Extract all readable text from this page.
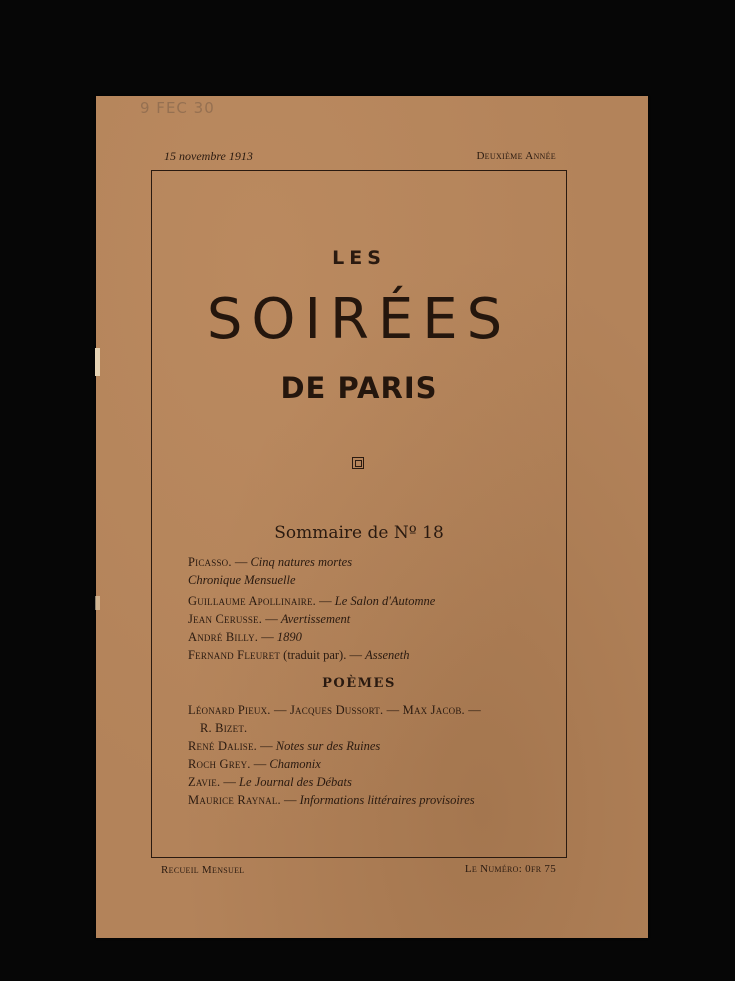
9 FEC 30
15 novembre 1913	Deuxième Année
LES
SOIRÉES
DE PARIS
Sommaire de Nº 18
Picasso. — Cinq natures mortes
Chronique Mensuelle
Guillaume Apollinaire. — Le Salon d'Automne
Jean Cerusse. — Avertissement
André Billy. — 1890
Fernand Fleuret (traduit par). — Asseneth
POÈMES
Léonard Pieux. — Jacques Dussort. — Max Jacob. —
R. Bizet.
René Dalise. — Notes sur des Ruines
Roch Grey. — Chamonix
Zavie. — Le Journal des Débats
Maurice Raynal. — Informations littéraires provisoires
Recueil Mensuel	Le Numéro: 0fr 75
